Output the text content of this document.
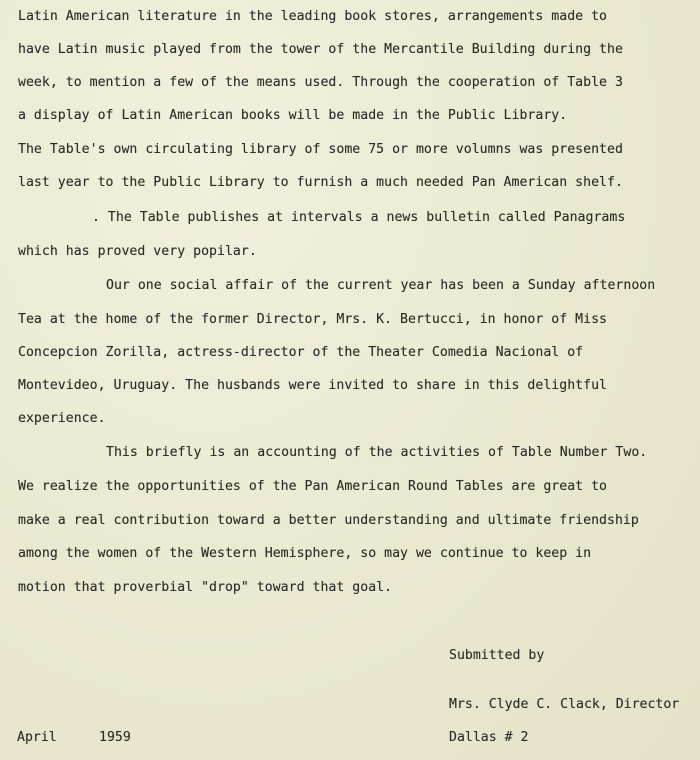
Latin American literature in the leading book stores, arrangements made to
have Latin music played from the tower of the Mercantile Building during the
week, to mention a few of the means used. Through the cooperation of Table 3
a display of Latin American books will be made in the Public Library.
The Table's own circulating library of some 75 or more volumns was presented
last year to the Public Library to furnish a much needed Pan American shelf.
. The Table publishes at intervals a news bulletin called Panagrams
which has proved very popilar.
Our one social affair of the current year has been a Sunday afternoon
Tea at the home of the former Director, Mrs. K. Bertucci, in honor of Miss
Concepcion Zorilla, actress-director of the Theater Comedia Nacional of
Montevideo, Uruguay. The husbands were invited to share in this delightful
experience.
This briefly is an accounting of the activities of Table Number Two.
We realize the opportunities of the Pan American Round Tables are great to
make a real contribution toward a better understanding and ultimate friendship
among the women of the Western Hemisphere, so may we continue to keep in
motion that proverbial "drop" toward that goal.
Submitted by
Mrs. Clyde C. Clack, Director
Dallas # 2
April	1959
